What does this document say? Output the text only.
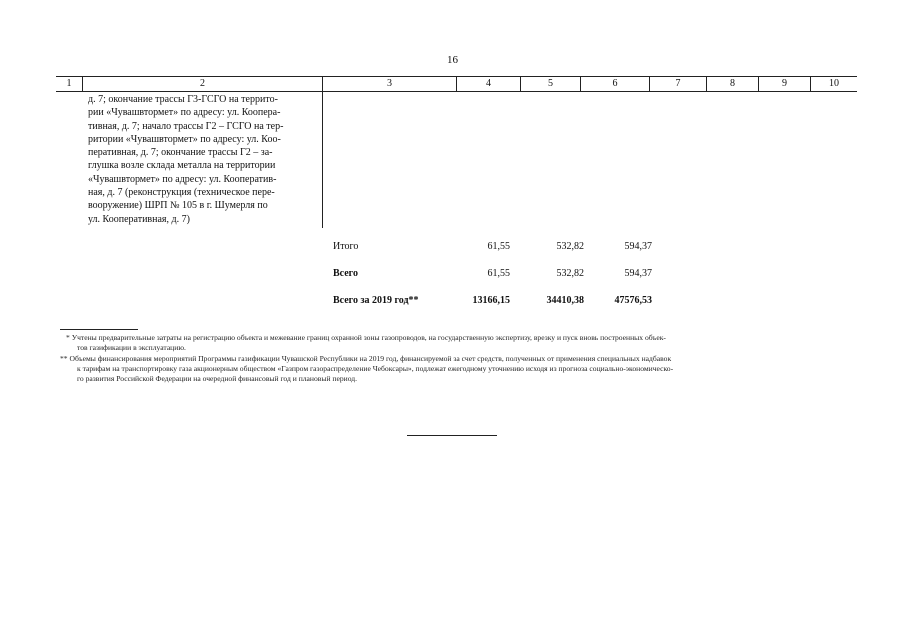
16
1	2	3	4	5	6	7	8	9	10
д. 7; окончание трассы Г3-ГСГО на террито-
рии «Чувашвтормет» по адресу: ул. Коопера-
тивная, д. 7; начало трассы Г2 – ГСГО на тер-
ритории «Чувашвтормет» по адресу: ул. Коо-
перативная, д. 7; окончание трассы Г2 – за-
глушка возле склада металла на территории
«Чувашвтормет» по адресу: ул. Кооператив-
ная, д. 7 (реконструкция (техническое пере-
вооружение) ШРП № 105 в г. Шумерля по
ул. Кооперативная, д. 7)
Итого	61,55	532,82	594,37
Всего	61,55	532,82	594,37
Всего за 2019 год**	13166,15	34410,38	47576,53
* Учтены предварительные затраты на регистрацию объекта и межевание границ охранной зоны газопроводов, на государственную экспертизу, врезку и пуск вновь построенных объек-
тов газификации в эксплуатацию.
** Объемы финансирования мероприятий Программы газификации Чувашской Республики на 2019 год, финансируемой за счет средств, полученных от применения специальных надбавок
к тарифам на транспортировку газа акционерным обществом «Газпром газораспределение Чебоксары», подлежат ежегодному уточнению исходя из прогноза социально-экономическо-
го развития Российской Федерации на очередной финансовый год и плановый период.
